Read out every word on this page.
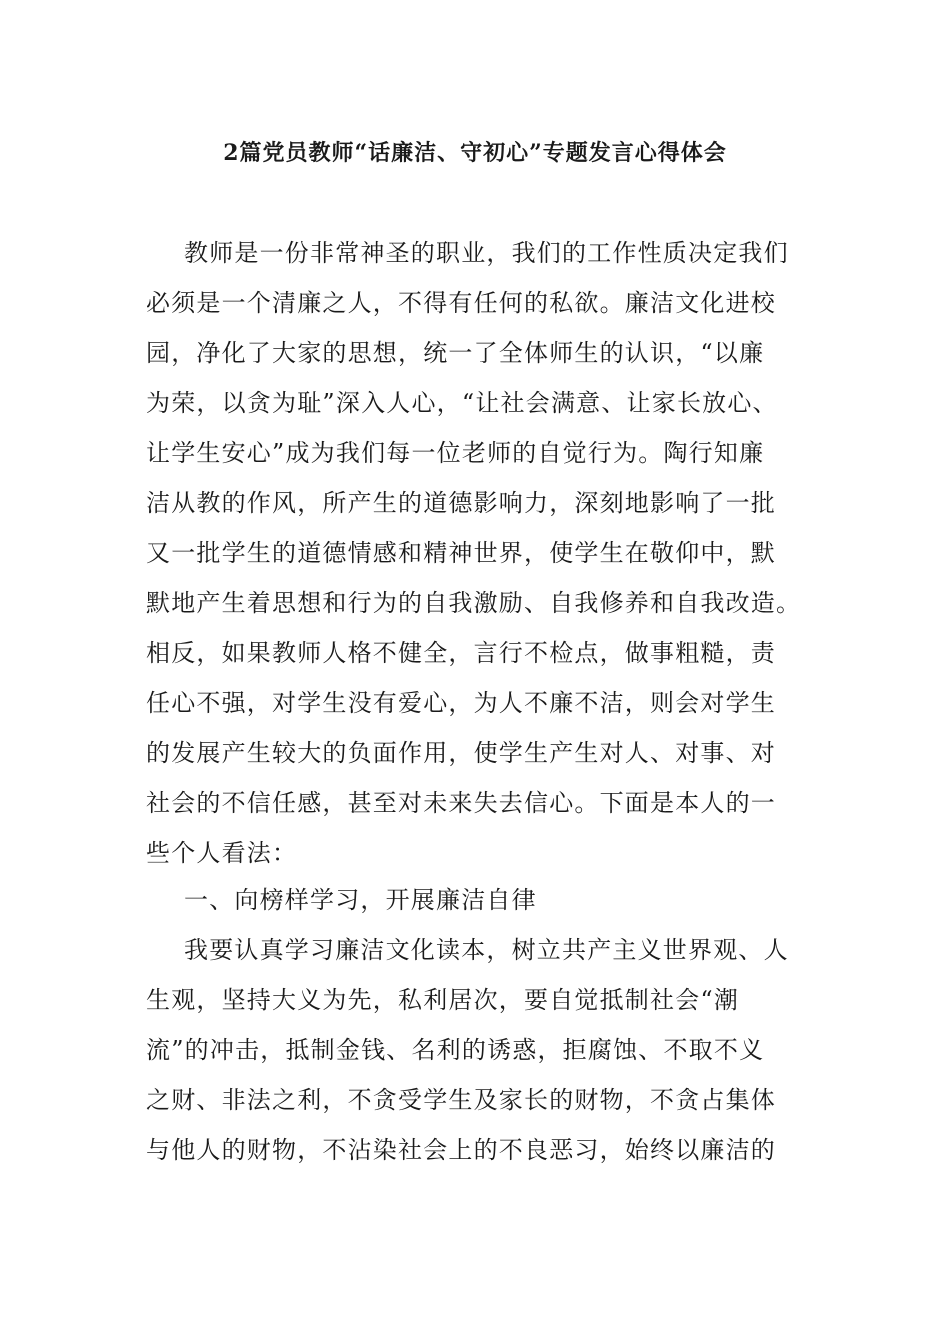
2篇党员教师“话廉洁、守初心”专题发言心得体会
教师是一份非常神圣的职业，我们的工作性质决定我们
必须是一个清廉之人，不得有任何的私欲。廉洁文化进校
园，净化了大家的思想，统一了全体师生的认识，“以廉
为荣，以贪为耻”深入人心，“让社会满意、让家长放心、
让学生安心”成为我们每一位老师的自觉行为。陶行知廉
洁从教的作风，所产生的道德影响力，深刻地影响了一批
又一批学生的道德情感和精神世界，使学生在敬仰中，默
默地产生着思想和行为的自我激励、自我修养和自我改造。
相反，如果教师人格不健全，言行不检点，做事粗糙，责
任心不强，对学生没有爱心，为人不廉不洁，则会对学生
的发展产生较大的负面作用，使学生产生对人、对事、对
社会的不信任感，甚至对未来失去信心。下面是本人的一
些个人看法：
一、向榜样学习，开展廉洁自律
我要认真学习廉洁文化读本，树立共产主义世界观、人
生观，坚持大义为先，私利居次，要自觉抵制社会“潮
流”的冲击，抵制金钱、名利的诱惑，拒腐蚀、不取不义
之财、非法之利，不贪受学生及家长的财物，不贪占集体
与他人的财物，不沾染社会上的不良恶习，始终以廉洁的
